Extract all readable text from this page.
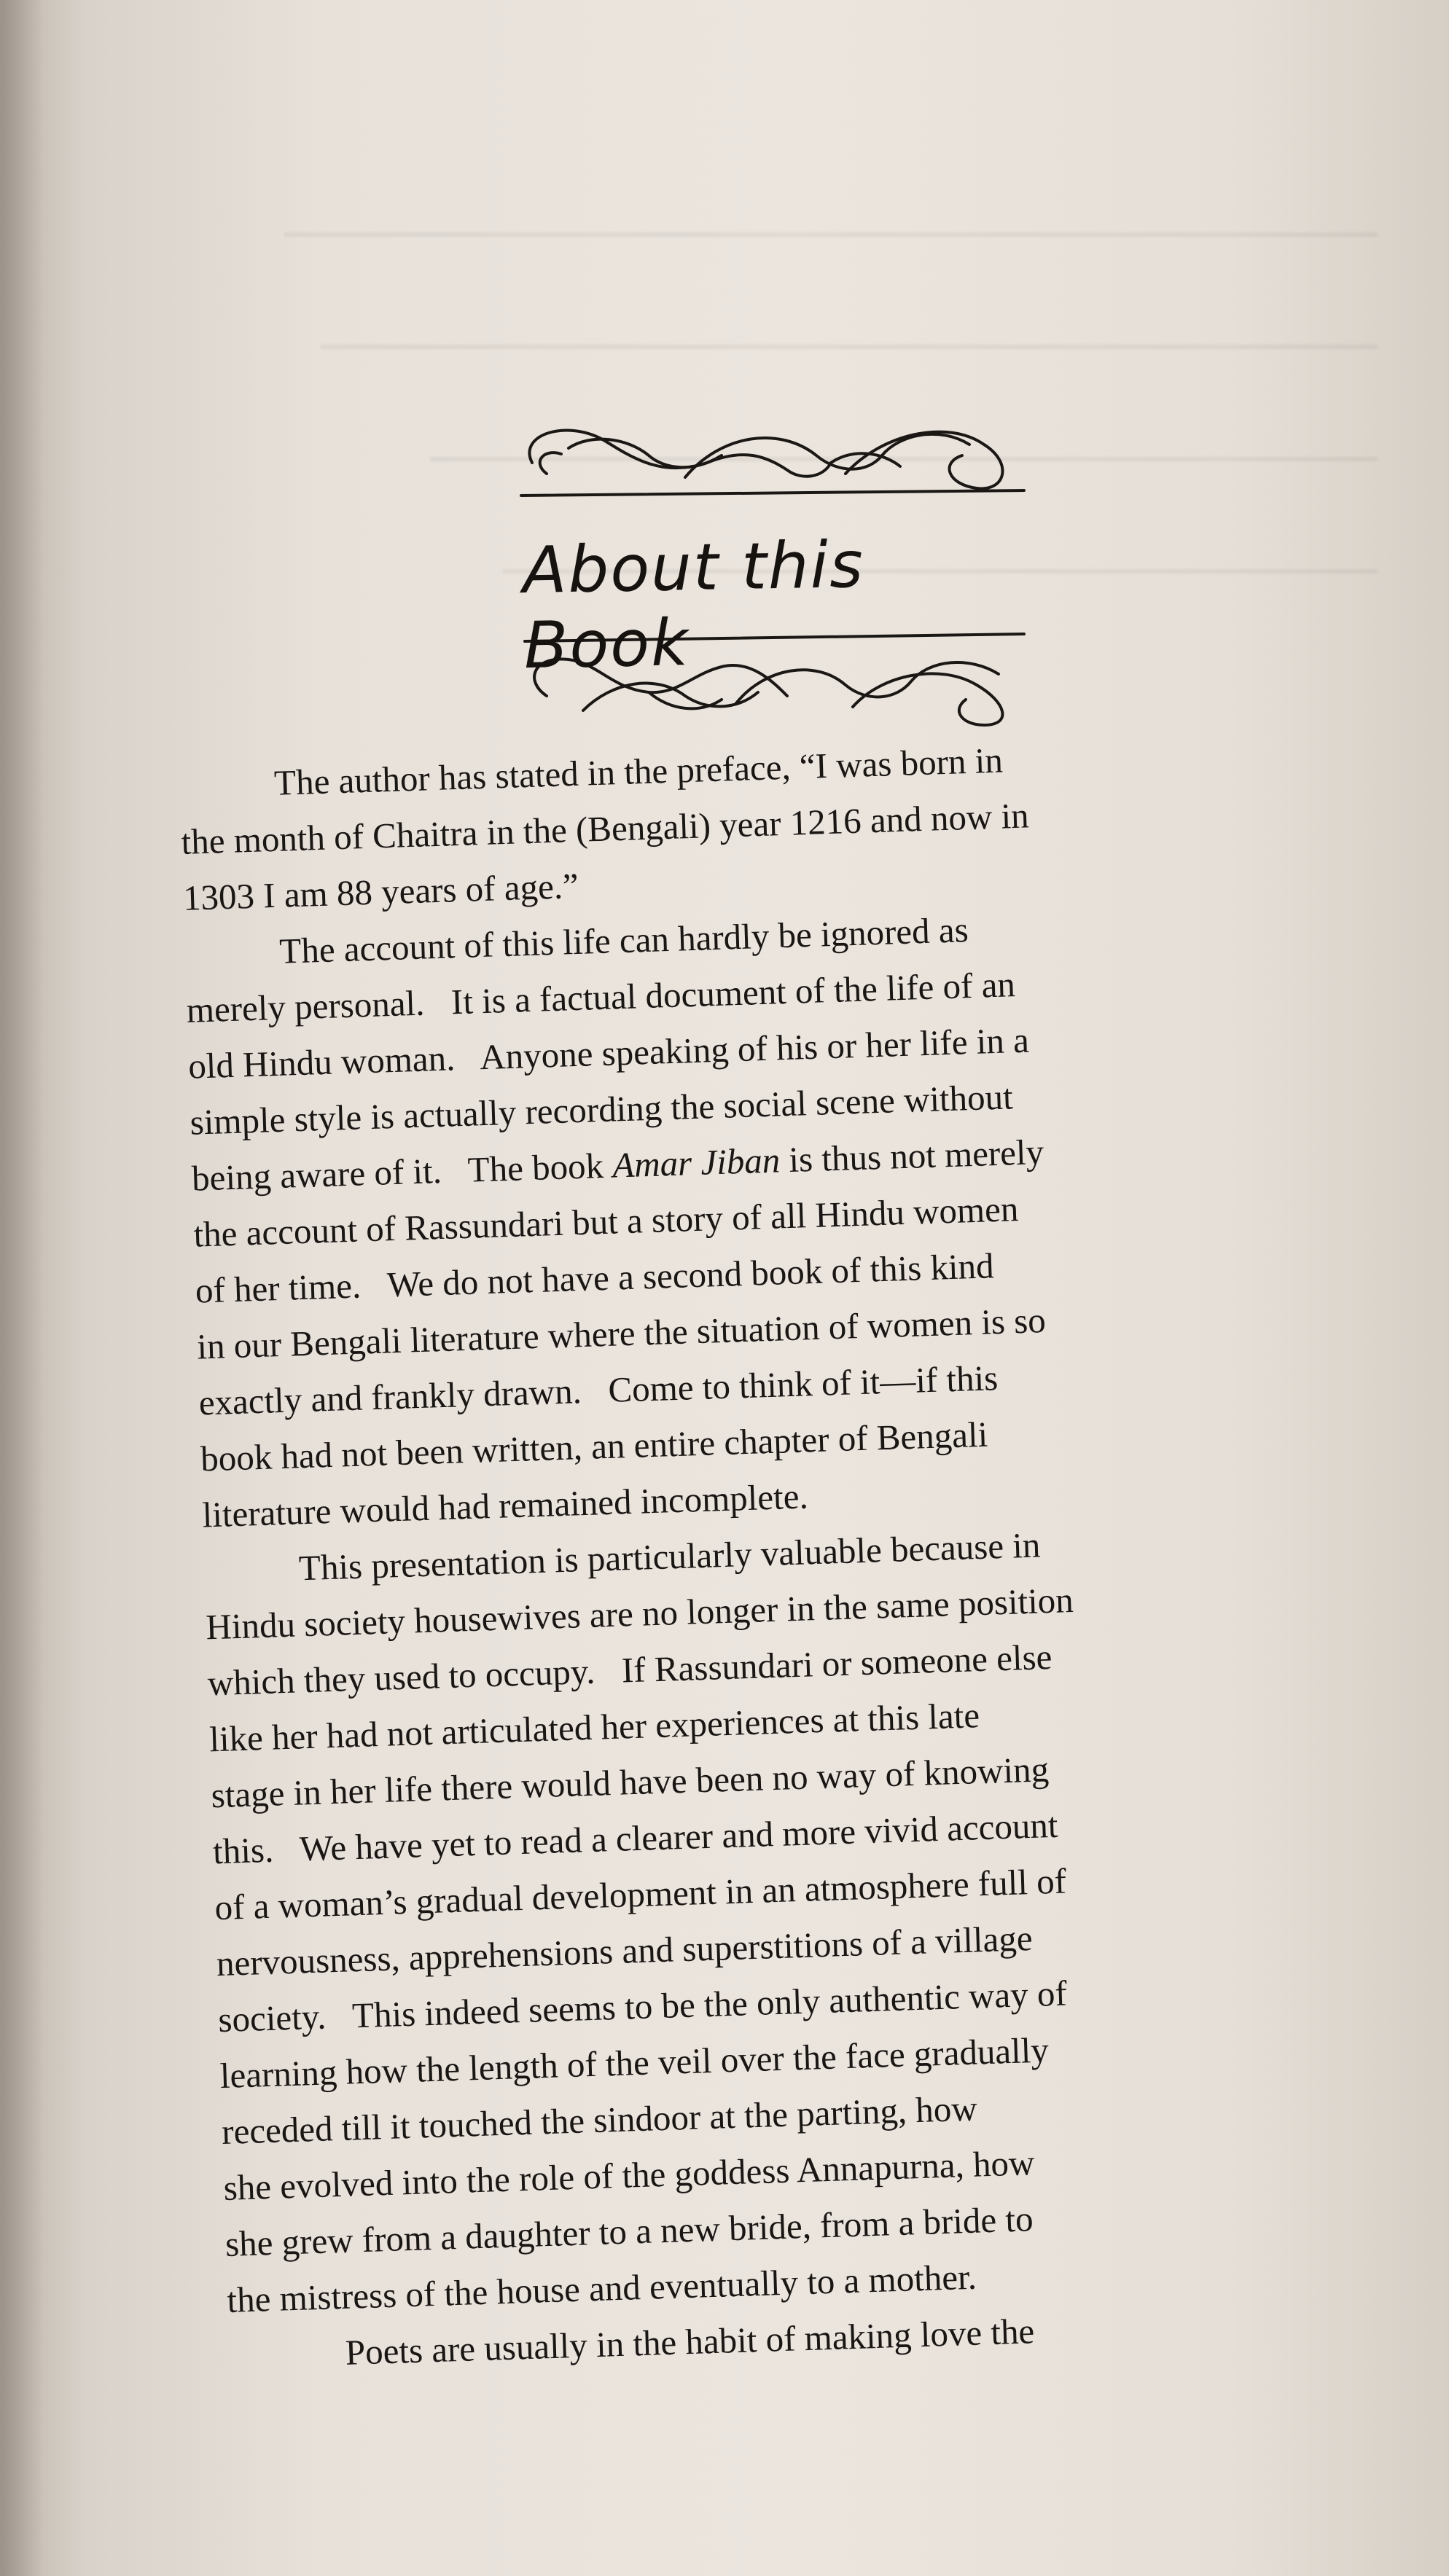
About this Book
The author has stated in the preface, “I was born in
the month of Chaitra in the (Bengali) year 1216 and now in
1303 I am 88 years of age.”
The account of this life can hardly be ignored as
merely personal.   It is a factual document of the life of an
old Hindu woman.   Anyone speaking of his or her life in a
simple style is actually recording the social scene without
being aware of it.   The book Amar Jiban is thus not merely
the account of Rassundari but a story of all Hindu women
of her time.   We do not have a second book of this kind
in our Bengali literature where the situation of women is so
exactly and frankly drawn.   Come to think of it—if this
book had not been written, an entire chapter of Bengali
literature would had remained incomplete.
This presentation is particularly valuable because in
Hindu society housewives are no longer in the same position
which they used to occupy.   If Rassundari or someone else
like her had not articulated her experiences at this late
stage in her life there would have been no way of knowing
this.   We have yet to read a clearer and more vivid account
of a woman’s gradual development in an atmosphere full of
nervousness, apprehensions and superstitions of a village
society.   This indeed seems to be the only authentic way of
learning how the length of the veil over the face gradually
receded till it touched the sindoor at the parting, how
she evolved into the role of the goddess Annapurna, how
she grew from a daughter to a new bride, from a bride to
the mistress of the house and eventually to a mother.
Poets are usually in the habit of making love the
